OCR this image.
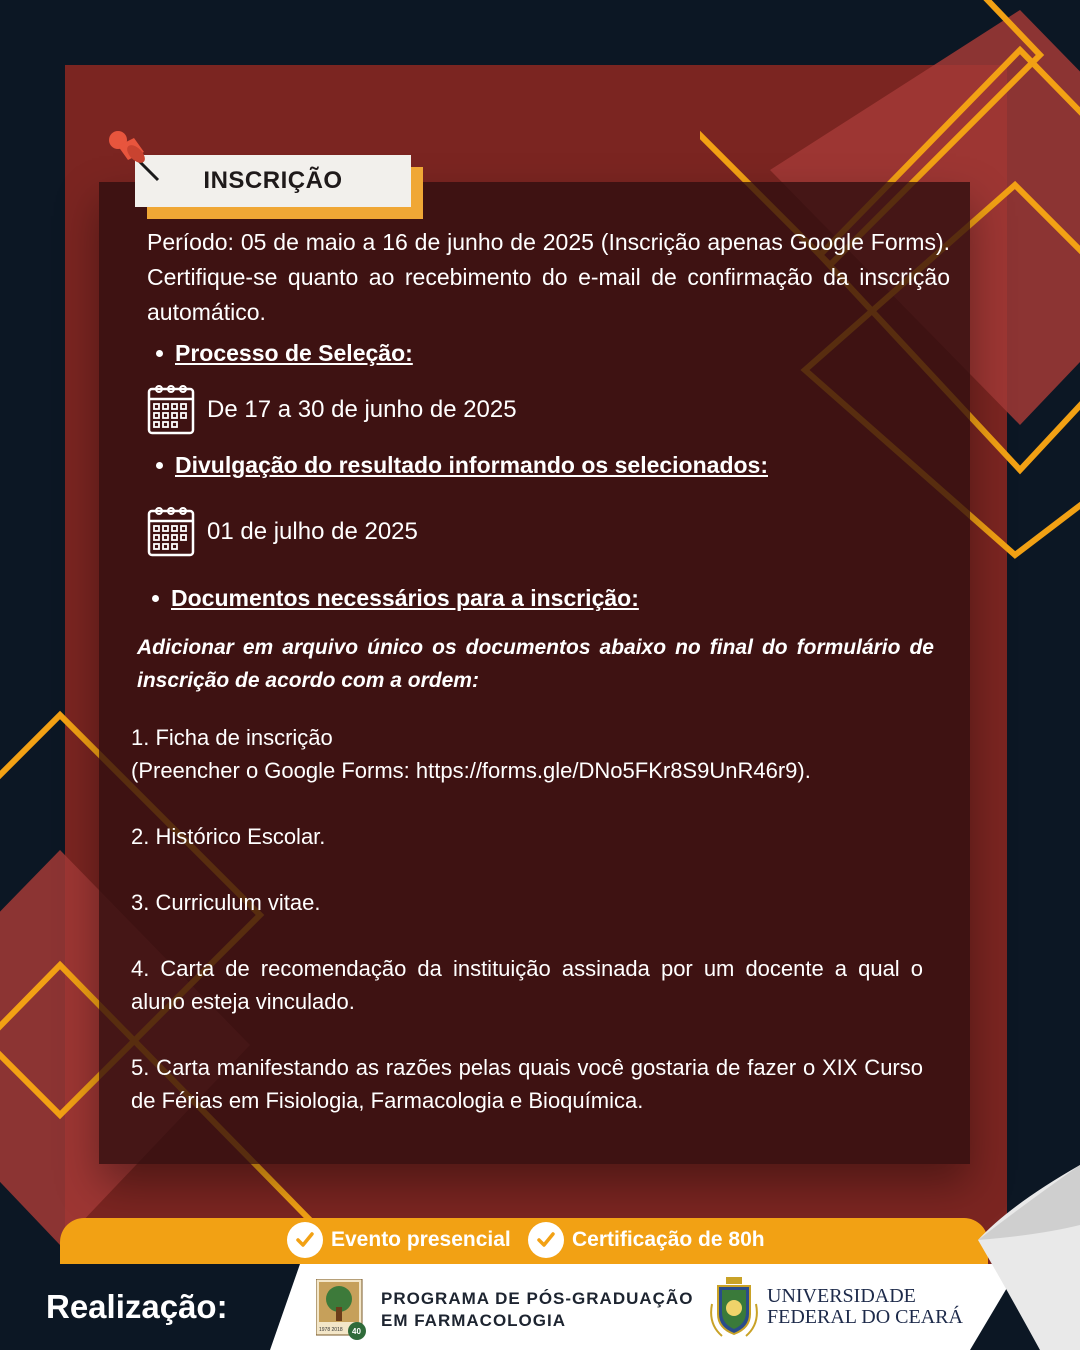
INSCRIÇÃO
Período: 05 de maio a 16 de junho de 2025 (Inscrição apenas Google Forms). Certifique-se quanto ao recebimento do e-mail de confirmação da inscrição automático.
Processo de Seleção:
De 17 a 30 de junho de 2025
Divulgação do resultado informando os selecionados:
01 de julho de 2025
Documentos necessários para a inscrição:
Adicionar em arquivo único os documentos abaixo no final do formulário de inscrição de acordo com a ordem:
1. Ficha de inscrição
(Preencher o Google Forms: https://forms.gle/DNo5FKr8S9UnR46r9).
2. Histórico Escolar.
3. Curriculum vitae.
4. Carta de recomendação da instituição assinada por um docente a qual o aluno esteja vinculado.
5. Carta manifestando as razões pelas quais você gostaria de fazer o XIX Curso de Férias em Fisiologia, Farmacologia e Bioquímica.
Evento presencial	Certificação de 80h
Realização:
1978 2018 40
PROGRAMA DE PÓS-GRADUAÇÃO
EM FARMACOLOGIA
UNIVERSIDADE
FEDERAL DO CEARÁ
